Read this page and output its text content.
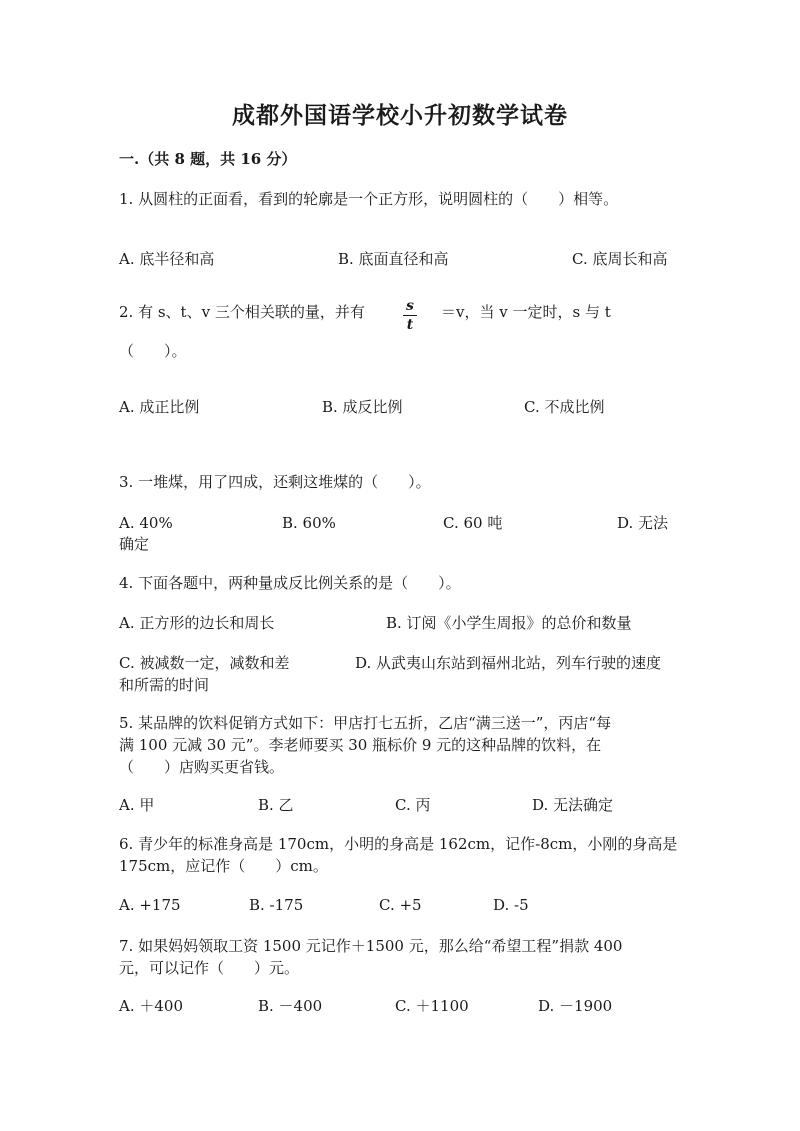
成都外国语学校小升初数学试卷
一.（共 8 题，共 16 分）
1. 从圆柱的正面看，看到的轮廓是一个正方形，说明圆柱的（　　）相等。
A. 底半径和高	B. 底面直径和高	C. 底周长和高
2. 有 s、t、v 三个相关联的量，并有	s
t
＝v，当 v 一定时，s 与 t
（　　）。
A. 成正比例	B. 成反比例	C. 不成比例
3. 一堆煤，用了四成，还剩这堆煤的（　　）。
A. 40%	B. 60%	C. 60 吨	D. 无法
确定
4. 下面各题中，两种量成反比例关系的是（　　）。
A. 正方形的边长和周长	B. 订阅《小学生周报》的总价和数量
C. 被减数一定，减数和差	D. 从武夷山东站到福州北站，列车行驶的速度
和所需的时间
5. 某品牌的饮料促销方式如下：甲店打七五折，乙店“满三送一”，丙店“每
满 100 元减 30 元”。李老师要买 30 瓶标价 9 元的这种品牌的饮料，在
（　　）店购买更省钱。
A. 甲	B. 乙	C. 丙	D. 无法确定
6. 青少年的标准身高是 170cm，小明的身高是 162cm，记作-8cm，小刚的身高是
175cm，应记作（　　）cm。
A. +175	B. -175	C. +5	D. -5
7. 如果妈妈领取工资 1500 元记作＋1500 元，那么给“希望工程”捐款 400
元，可以记作（　　）元。
A. ＋400	B. －400	C. ＋1100	D. －1900
